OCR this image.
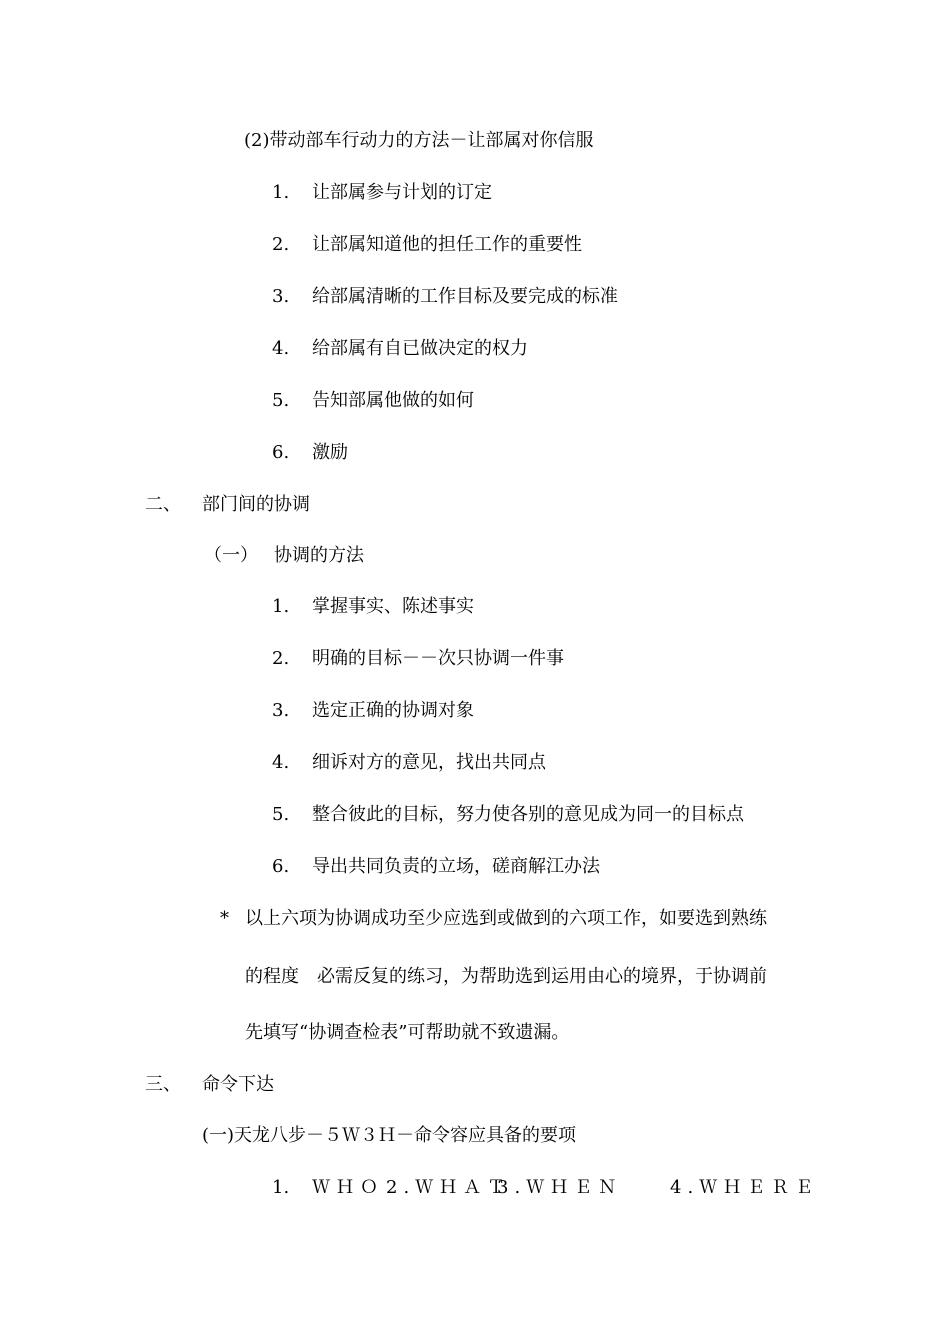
(2)带动部车行动力的方法－让部属对你信服
1. 让部属参与计划的订定
2. 让部属知道他的担任工作的重要性
3. 给部属清晰的工作目标及要完成的标准
4. 给部属有自已做决定的权力
5. 告知部属他做的如何
6. 激励
二、 部门间的协调
（一） 协调的方法
1. 掌握事实、陈述事实
2. 明确的目标－－次只协调一件事
3. 选定正确的协调对象
4. 细诉对方的意见，找出共同点
5. 整合彼此的目标，努力使各别的意见成为同一的目标点
6. 导出共同负责的立场，磋商解江办法
* 以上六项为协调成功至少应选到或做到的六项工作，如要选到熟练
的程度　必需反复的练习，为帮助选到运用由心的境界，于协调前
先填写“协调查检表”可帮助就不致遗漏。
三、 命令下达
(一)天龙八步－５Ｗ３Ｈ－命令容应具备的要项
1. ＷＨＯ 2.ＷＨＡＴ
3.ＷＨＥＮ	4.ＷＨＥＲＥ
